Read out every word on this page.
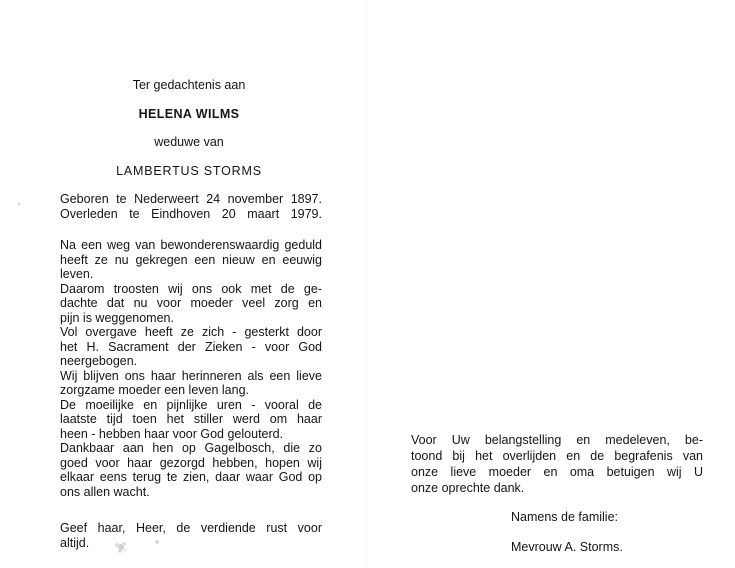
Ter gedachtenis aan
HELENA WILMS
weduwe van
LAMBERTUS STORMS
Geboren te Nederweert 24 november 1897.
Overleden te Eindhoven 20 maart 1979.
Na een weg van bewonderenswaardig geduld
heeft ze nu gekregen een nieuw en eeuwig
leven.
Daarom troosten wij ons ook met de ge-
dachte dat nu voor moeder veel zorg en
pijn is weggenomen.
Vol overgave heeft ze zich - gesterkt door
het H. Sacrament der Zieken - voor God
neergebogen.
Wij blijven ons haar herinneren als een lieve
zorgzame moeder een leven lang.
De moeilijke en pijnlijke uren - vooral de
laatste tijd toen het stiller werd om haar
heen - hebben haar voor God gelouterd.
Dankbaar aan hen op Gagelbosch, die zo
goed voor haar gezorgd hebben, hopen wij
elkaar eens terug te zien, daar waar God op
ons allen wacht.
Geef haar, Heer, de verdiende rust voor
altijd.
Voor Uw belangstelling en medeleven, be-
toond bij het overlijden en de begrafenis van
onze lieve moeder en oma betuigen wij U
onze oprechte dank.
Namens de familie:
Mevrouw A. Storms.
